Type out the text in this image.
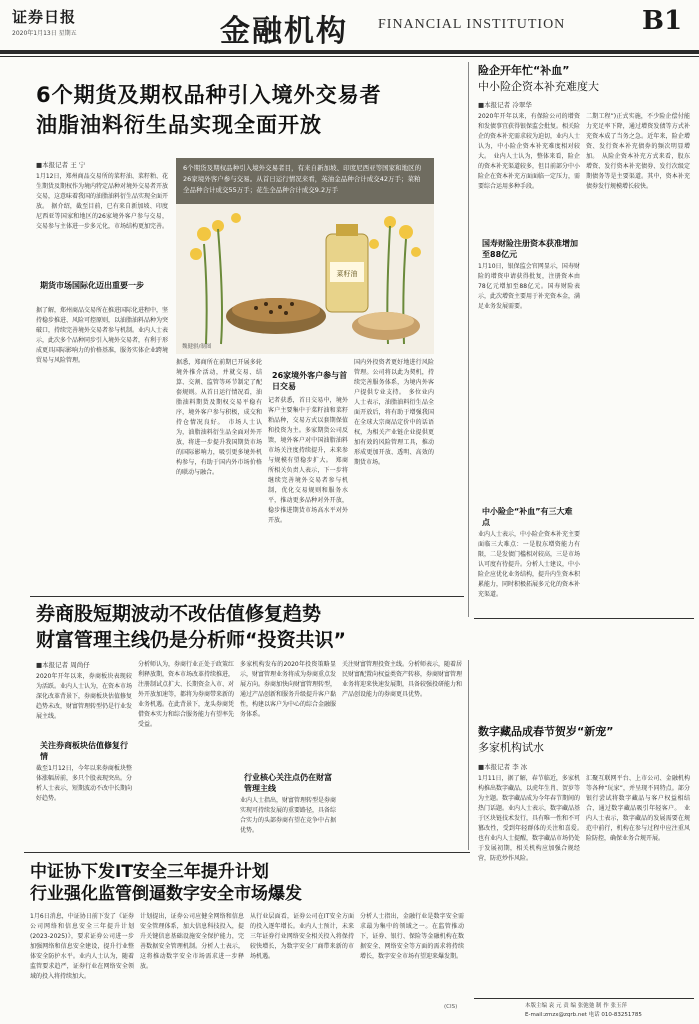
证券日报
2020年1月13日 星期五	金融机构 FINANCIAL INSTITUTION	B1
6个期货及期权品种引入境外交易者
油脂油料衍生品实现全面开放
■本报记者 王 宁
1月12日，郑州商品交易所的菜籽油、菜籽粕、花生期货及期权作为境内特定品种对境外交易者开放交易，这意味着我国的油脂油料衍生品实现全面开放。　据介绍，截至目前，已有来自新加坡、印度尼西亚等国家和地区的26家境外客户参与交易，交易参与主体进一步多元化，市场结构更加完善。
期货市场国际化迈出重要一步
据了解，郑州商品交易所在推进国际化进程中，坚持稳步推进、风险可控原则，以油脂油料品种为突破口，持续完善境外交易者参与机制。业内人士表示，此次多个品种同步引入境外交易者，有利于形成更具国际影响力的价格基准，服务实体企业跨境贸易与风险管理。
6个期货及期权品种引入境外交易者目，有来自新加坡、印度尼西亚等国家和地区的26家境外客户参与交易。从首日运行情况来看，英油金品种合计成交42万手；菜粕全品种合计成交55万手；花生全品种合计成交9.2万手
菜籽油
魏健骐/制图
据悉，郑商所在前期已开展多轮境外推介活动，并就交易、结算、交割、监管等环节制定了配套规则。从首日运行情况看，油脂油料期货及期权交易平稳有序，境外客户参与积极，成交和持仓情况良好。　市场人士认为，油脂油料衍生品全面对外开放，将进一步提升我国期货市场的国际影响力，吸引更多境外机构参与，有助于国内外市场价格的联动与融合。
26家境外客户参与首日交易
记者获悉，首日交易中，境外客户主要集中于菜籽油和菜籽粕品种，交易方式以套期保值和投资为主。多家期货公司反馈，境外客户对中国油脂油料市场关注度持续提升，未来参与规模有望稳步扩大。　郑商所相关负责人表示，下一步将继续完善境外交易者参与机制，优化交易规则和服务水平，推动更多品种对外开放，稳步推进期货市场高水平对外开放。
国内外投资者更好地进行风险管理。公司将以此为契机，持续完善服务体系，为境内外客户提供专业支持。　多位业内人士表示，油脂油料衍生品全面开放后，将有助于增强我国在全球大宗商品定价中的话语权，为相关产业链企业提供更加有效的风险管理工具，推动形成更加开放、透明、高效的期货市场。
险企开年忙“补血”
中小险企资本补充难度大
■本报记者 冷翠华
2020年开年以来，有保险公司的增资和发债事宜获得银保监会批复。相关险企的资本补充需求较为迫切，业内人士认为，中小险企资本补充难度相对较大。　业内人士认为，整体来看，险企的资本补充渠道较多，但目前部分中小险企在资本补充方面面临一定压力，需要综合运用多种手段。
国寿财险注册资本获准增加至88亿元
1月10日，银保监会官网显示，国寿财险的增资申请获得批复，注册资本由78亿元增加至88亿元。国寿财险表示，此次增资主要用于补充资本金，满足业务发展需要。
二期工程”)正式实施，不少险企偿付能力充足率下降，通过增资发债等方式补充资本成了当务之急。近年来，险企增资、发行资本补充债券的频次明显增加。　从险企资本补充方式来看，股东增资、发行资本补充债券、发行次级定期债务等是主要渠道。其中，资本补充债券发行规模增长较快。
中小险企“补血”有三大难点
业内人士表示，中小险企资本补充主要面临三大难点：一是股东增资能力有限，二是发债门槛相对较高，三是市场认可度有待提升。分析人士建议，中小险企应优化业务结构，提升内生资本积累能力，同时积极拓展多元化的资本补充渠道。
券商股短期波动不改估值修复趋势
财富管理主线仍是分析师“投资共识”
■本报记者 周尚仔
2020年开年以来，券商板块表现较为活跃。业内人士认为，在资本市场深化改革背景下，券商板块估值修复趋势未改，财富管理转型仍是行业发展主线。
关注券商板块估值修复行情
截至1月12日，今年以来券商板块整体涨幅居前，多只个股表现突出。分析人士表示，短期波动不改中长期向好趋势。
分析师认为，券商行业正处于政策红利释放期，资本市场改革持续推进，注册制试点扩大、长期资金入市、对外开放加速等，都将为券商带来新的业务机遇。在此背景下，龙头券商凭借资本实力和综合服务能力有望率先受益。
多家机构发布的2020年投资策略显示，财富管理业务将成为券商重点发展方向。券商加快向财富管理转型，通过产品创新和服务升级提升客户黏性，构建以客户为中心的综合金融服务体系。
行业核心关注点仍在财富管理主线
业内人士指出，财富管理转型是券商实现可持续发展的重要路径，具备综合实力的头部券商有望在竞争中占据优势。
关注财富管理投资主线。分析师表示，随着居民财富配置向权益类资产转移，券商财富管理业务将迎来快速发展期，具备较强投研能力和产品创设能力的券商更具优势。
数字藏品成春节贺岁“新宠”
多家机构试水
■本报记者 李 冰
1月11日，据了解，春节临近，多家机构推出数字藏品，以虎年生肖、贺岁等为主题。数字藏品成为今年春节期间的热门话题。业内人士表示，数字藏品基于区块链技术发行，具有唯一性和不可篡改性，受到年轻群体的关注和喜爱。　也有业内人士提醒，数字藏品市场仍处于发展初期，相关机构应加强合规经营，防范炒作风险。
汇聚互联网平台、上市公司、金融机构等各种“玩家”，并呈现不同特点。部分银行尝试将数字藏品与客户权益相结合，通过数字藏品吸引年轻客户。　业内人士表示，数字藏品的发展需要在规范中前行，机构在参与过程中应注重风险防控，确保业务合规开展。
中证协下发IT安全三年提升计划
行业强化监管倒逼数字安全市场爆发
1月6日消息，中证协日前下发了《证券公司网络和信息安全三年提升计划(2023-2025)》，要求证券公司进一步加强网络和信息安全建设，提升行业整体安全防护水平。业内人士认为，随着监管要求趋严，证券行业在网络安全领域的投入将持续加大。
计划提出，证券公司应健全网络和信息安全管理体系，加大信息科技投入，提升关键信息基础设施安全保护能力，完善数据安全管理机制。分析人士表示，这将推动数字安全市场需求进一步释放。
从行业层面看，证券公司在IT安全方面的投入逐年增长。业内人士预计，未来三年证券行业网络安全相关投入将保持较快增长，为数字安全厂商带来新的市场机遇。
分析人士指出，金融行业是数字安全需求最为集中的领域之一。在监管推动下，证券、银行、保险等金融机构在数据安全、网络安全等方面的需求将持续增长，数字安全市场有望迎来爆发期。
(CIS)	本版主编 袁 元 责 编 张弛弛 制 作 张玉萍
E-mail:zmzx@zqrb.net 电话 010-83251785
